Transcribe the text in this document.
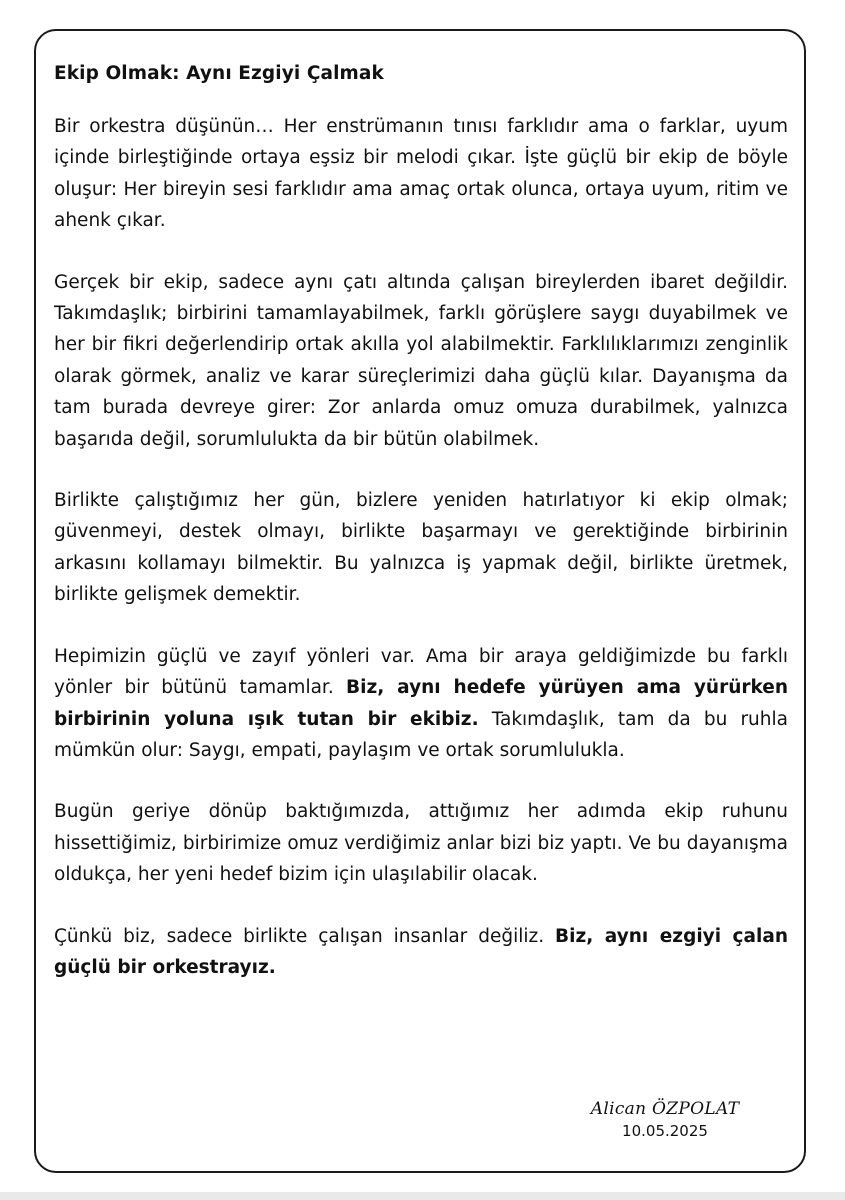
Ekip Olmak: Aynı Ezgiyi Çalmak

Bir orkestra düşünün… Her enstrümanın tınısı farklıdır ama o farklar, uyum içinde birleştiğinde ortaya eşsiz bir melodi çıkar. İşte güçlü bir ekip de böyle oluşur: Her bireyin sesi farklıdır ama amaç ortak olunca, ortaya uyum, ritim ve ahenk çıkar.

Gerçek bir ekip, sadece aynı çatı altında çalışan bireylerden ibaret değildir. Takımdaşlık; birbirini tamamlayabilmek, farklı görüşlere saygı duyabilmek ve her bir fikri değerlendirip ortak akılla yol alabilmektir. Farklılıklarımızı zenginlik olarak görmek, analiz ve karar süreçlerimizi daha güçlü kılar. Dayanışma da tam burada devreye girer: Zor anlarda omuz omuza durabilmek, yalnızca başarıda değil, sorumlulukta da bir bütün olabilmek.

Birlikte çalıştığımız her gün, bizlere yeniden hatırlatıyor ki ekip olmak; güvenmeyi, destek olmayı, birlikte başarmayı ve gerektiğinde birbirinin arkasını kollamayı bilmektir. Bu yalnızca iş yapmak değil, birlikte üretmek, birlikte gelişmek demektir.

Hepimizin güçlü ve zayıf yönleri var. Ama bir araya geldiğimizde bu farklı yönler bir bütünü tamamlar. Biz, aynı hedefe yürüyen ama yürürken birbirinin yoluna ışık tutan bir ekibiz. Takımdaşlık, tam da bu ruhla mümkün olur: Saygı, empati, paylaşım ve ortak sorumlulukla.

Bugün geriye dönüp baktığımızda, attığımız her adımda ekip ruhunu hissettiğimiz, birbirimize omuz verdiğimiz anlar bizi biz yaptı. Ve bu dayanışma oldukça, her yeni hedef bizim için ulaşılabilir olacak.

Çünkü biz, sadece birlikte çalışan insanlar değiliz. Biz, aynı ezgiyi çalan güçlü bir orkestrayız.

Alican ÖZPOLAT
10.05.2025
